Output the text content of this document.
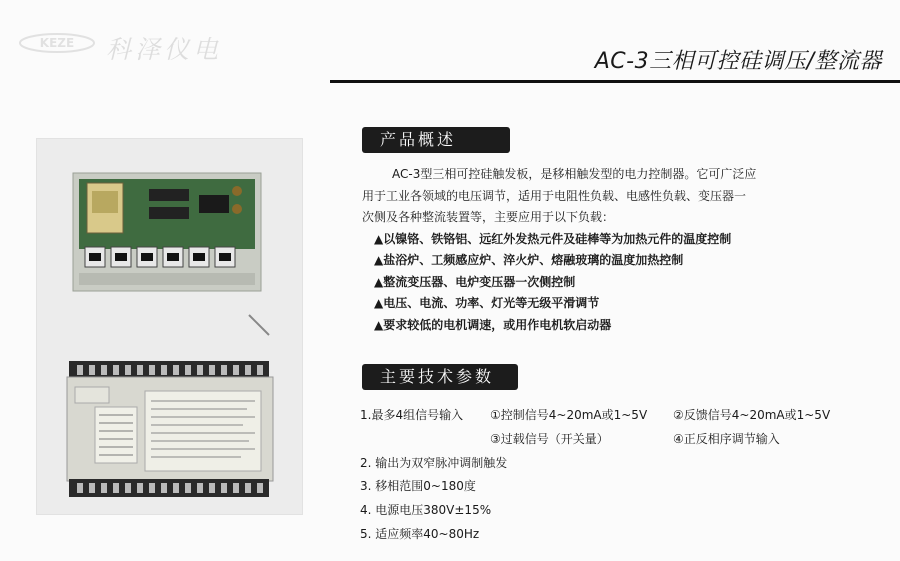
KEZE 科泽仪电	AC-3三相可控硅调压/整流器
产品概述

AC-3型三相可控硅触发板，是移相触发型的电力控制器。它可广泛应

用于工业各领域的电压调节，适用于电阻性负载、电感性负载、变压器一

次侧及各种整流装置等，主要应用于以下负载：

▲以镍铬、铁铬铝、远红外发热元件及硅棒等为加热元件的温度控制
▲盐浴炉、工频感应炉、淬火炉、熔融玻璃的温度加热控制
▲整流变压器、电炉变压器一次侧控制
▲电压、电流、功率、灯光等无级平滑调节
▲要求较低的电机调速，或用作电机软启动器
主要技术参数
1.最多4组信号输入 ①控制信号4~20mA或1~5V ②反馈信号4~20mA或1~5V
③过载信号（开关量）	④正反相序调节输入
2. 输出为双窄脉冲调制触发
3. 移相范围0~180度
4. 电源电压380V±15%
5. 适应频率40~80Hz
